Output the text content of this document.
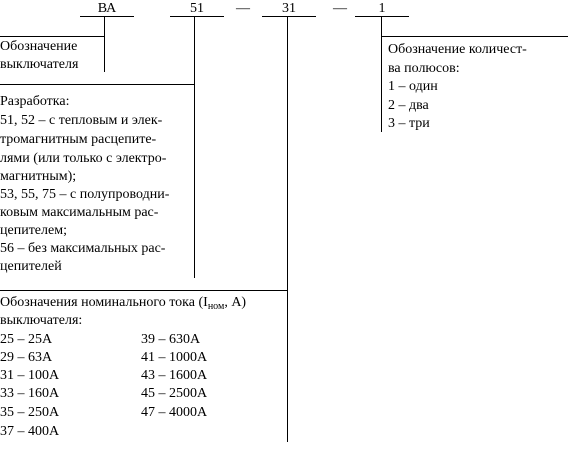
ВА	51	—	31	—	1
Обозначение
выключателя
Разработка:
51, 52 – с тепловым и элек-
тромагнитным расцепите-
лями (или только с электро-
магнитным);
53, 55, 75 – с полупроводни-
ковым максимальным рас-
цепителем;
56 – без максимальных рас-
цепителей
Обозначение количест-
ва полюсов:
1 – один
2 – два
3 – три
Обозначения номинального тока ($I_{ном}$, А)
выключателя:
25 – 25А
29 – 63А
31 – 100А
33 – 160А
35 – 250А
37 – 400А
39 – 630А
41 – 1000А
43 – 1600А
45 – 2500А
47 – 4000А
